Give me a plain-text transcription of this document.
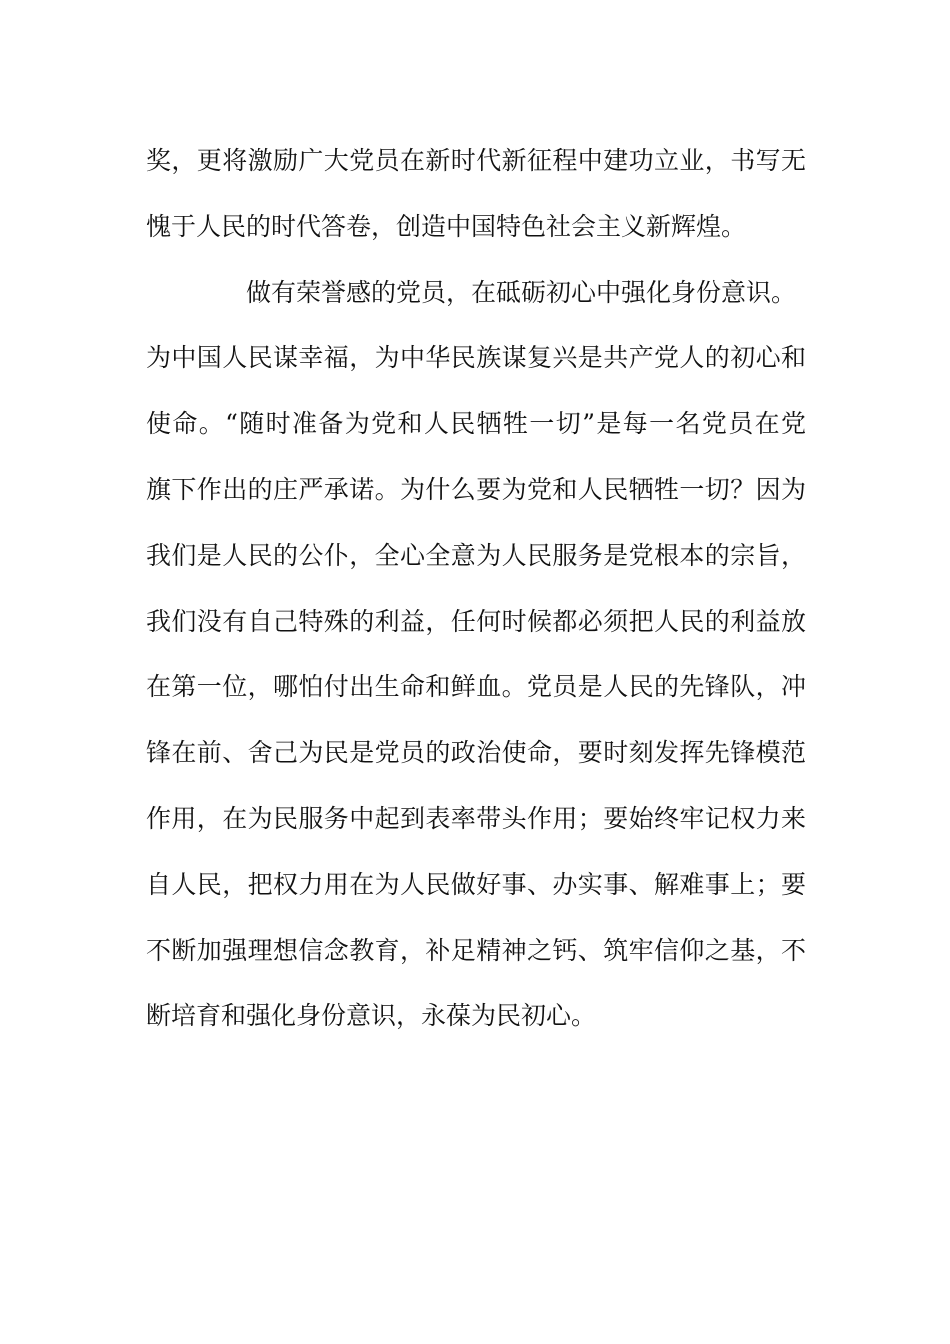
奖，更将激励广大党员在新时代新征程中建功立业，书写无
愧于人民的时代答卷，创造中国特色社会主义新辉煌。
做有荣誉感的党员，在砥砺初心中强化身份意识。
为中国人民谋幸福，为中华民族谋复兴是共产党人的初心和
使命。“随时准备为党和人民牺牲一切”是每一名党员在党
旗下作出的庄严承诺。为什么要为党和人民牺牲一切？因为
我们是人民的公仆，全心全意为人民服务是党根本的宗旨，
我们没有自己特殊的利益，任何时候都必须把人民的利益放
在第一位，哪怕付出生命和鲜血。党员是人民的先锋队，冲
锋在前、舍己为民是党员的政治使命，要时刻发挥先锋模范
作用，在为民服务中起到表率带头作用；要始终牢记权力来
自人民，把权力用在为人民做好事、办实事、解难事上；要
不断加强理想信念教育，补足精神之钙、筑牢信仰之基，不
断培育和强化身份意识，永葆为民初心。
